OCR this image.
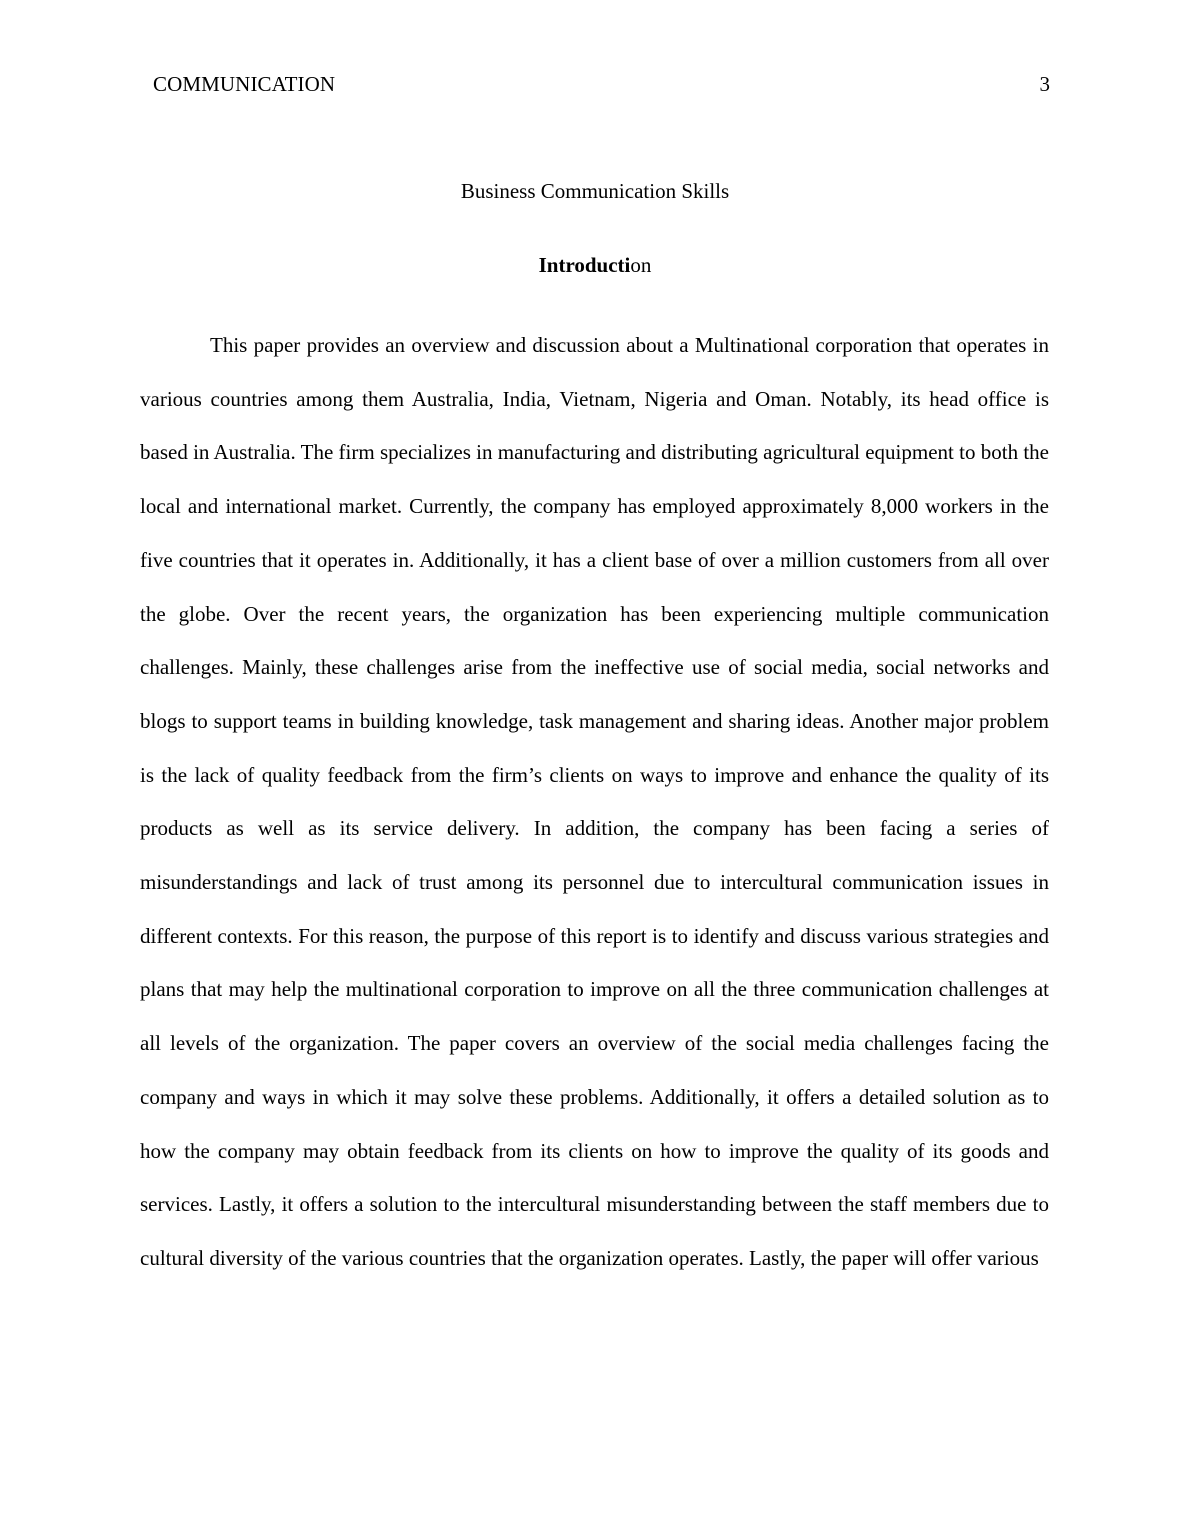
COMMUNICATION	3
Business Communication Skills
Introduction

This paper provides an overview and discussion about a Multinational corporation that operates in various countries among them Australia, India, Vietnam, Nigeria and Oman. Notably, its head office is based in Australia. The firm specializes in manufacturing and distributing agricultural equipment to both the local and international market. Currently, the company has employed approximately 8,000 workers in the five countries that it operates in. Additionally, it has a client base of over a million customers from all over the globe. Over the recent years, the organization has been experiencing multiple communication challenges. Mainly, these challenges arise from the ineffective use of social media, social networks and blogs to support teams in building knowledge, task management and sharing ideas. Another major problem is the lack of quality feedback from the firm’s clients on ways to improve and enhance the quality of its products as well as its service delivery. In addition, the company has been facing a series of misunderstandings and lack of trust among its personnel due to intercultural communication issues in different contexts. For this reason, the purpose of this report is to identify and discuss various strategies and plans that may help the multinational corporation to improve on all the three communication challenges at all levels of the organization. The paper covers an overview of the social media challenges facing the company and ways in which it may solve these problems. Additionally, it offers a detailed solution as to how the company may obtain feedback from its clients on how to improve the quality of its goods and services. Lastly, it offers a solution to the intercultural misunderstanding between the staff members due to cultural diversity of the various countries that the organization operates. Lastly, the paper will offer various
